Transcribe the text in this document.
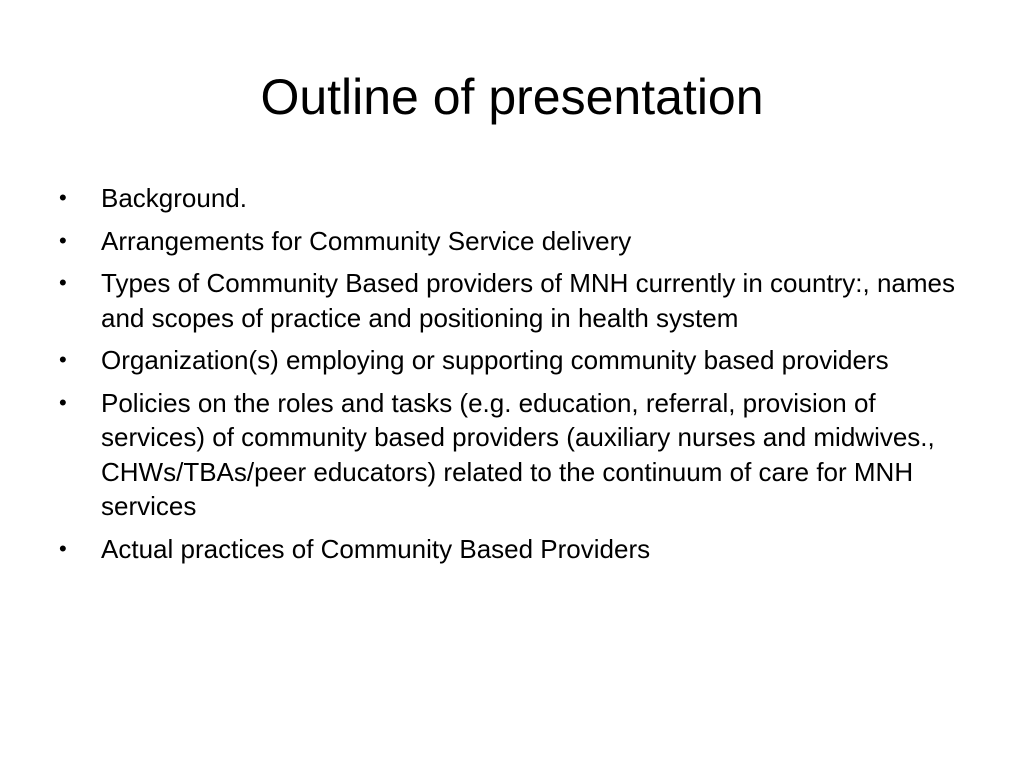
Outline of presentation
• Background.
• Arrangements for Community Service delivery
• Types of Community Based providers of MNH currently in country:, names and scopes of practice and positioning in health system
• Organization(s) employing or supporting community based providers
• Policies on the roles and tasks (e.g. education, referral, provision of services) of community based providers (auxiliary nurses and midwives., CHWs/TBAs/peer educators) related to the continuum of care for MNH services
• Actual practices of Community Based Providers
